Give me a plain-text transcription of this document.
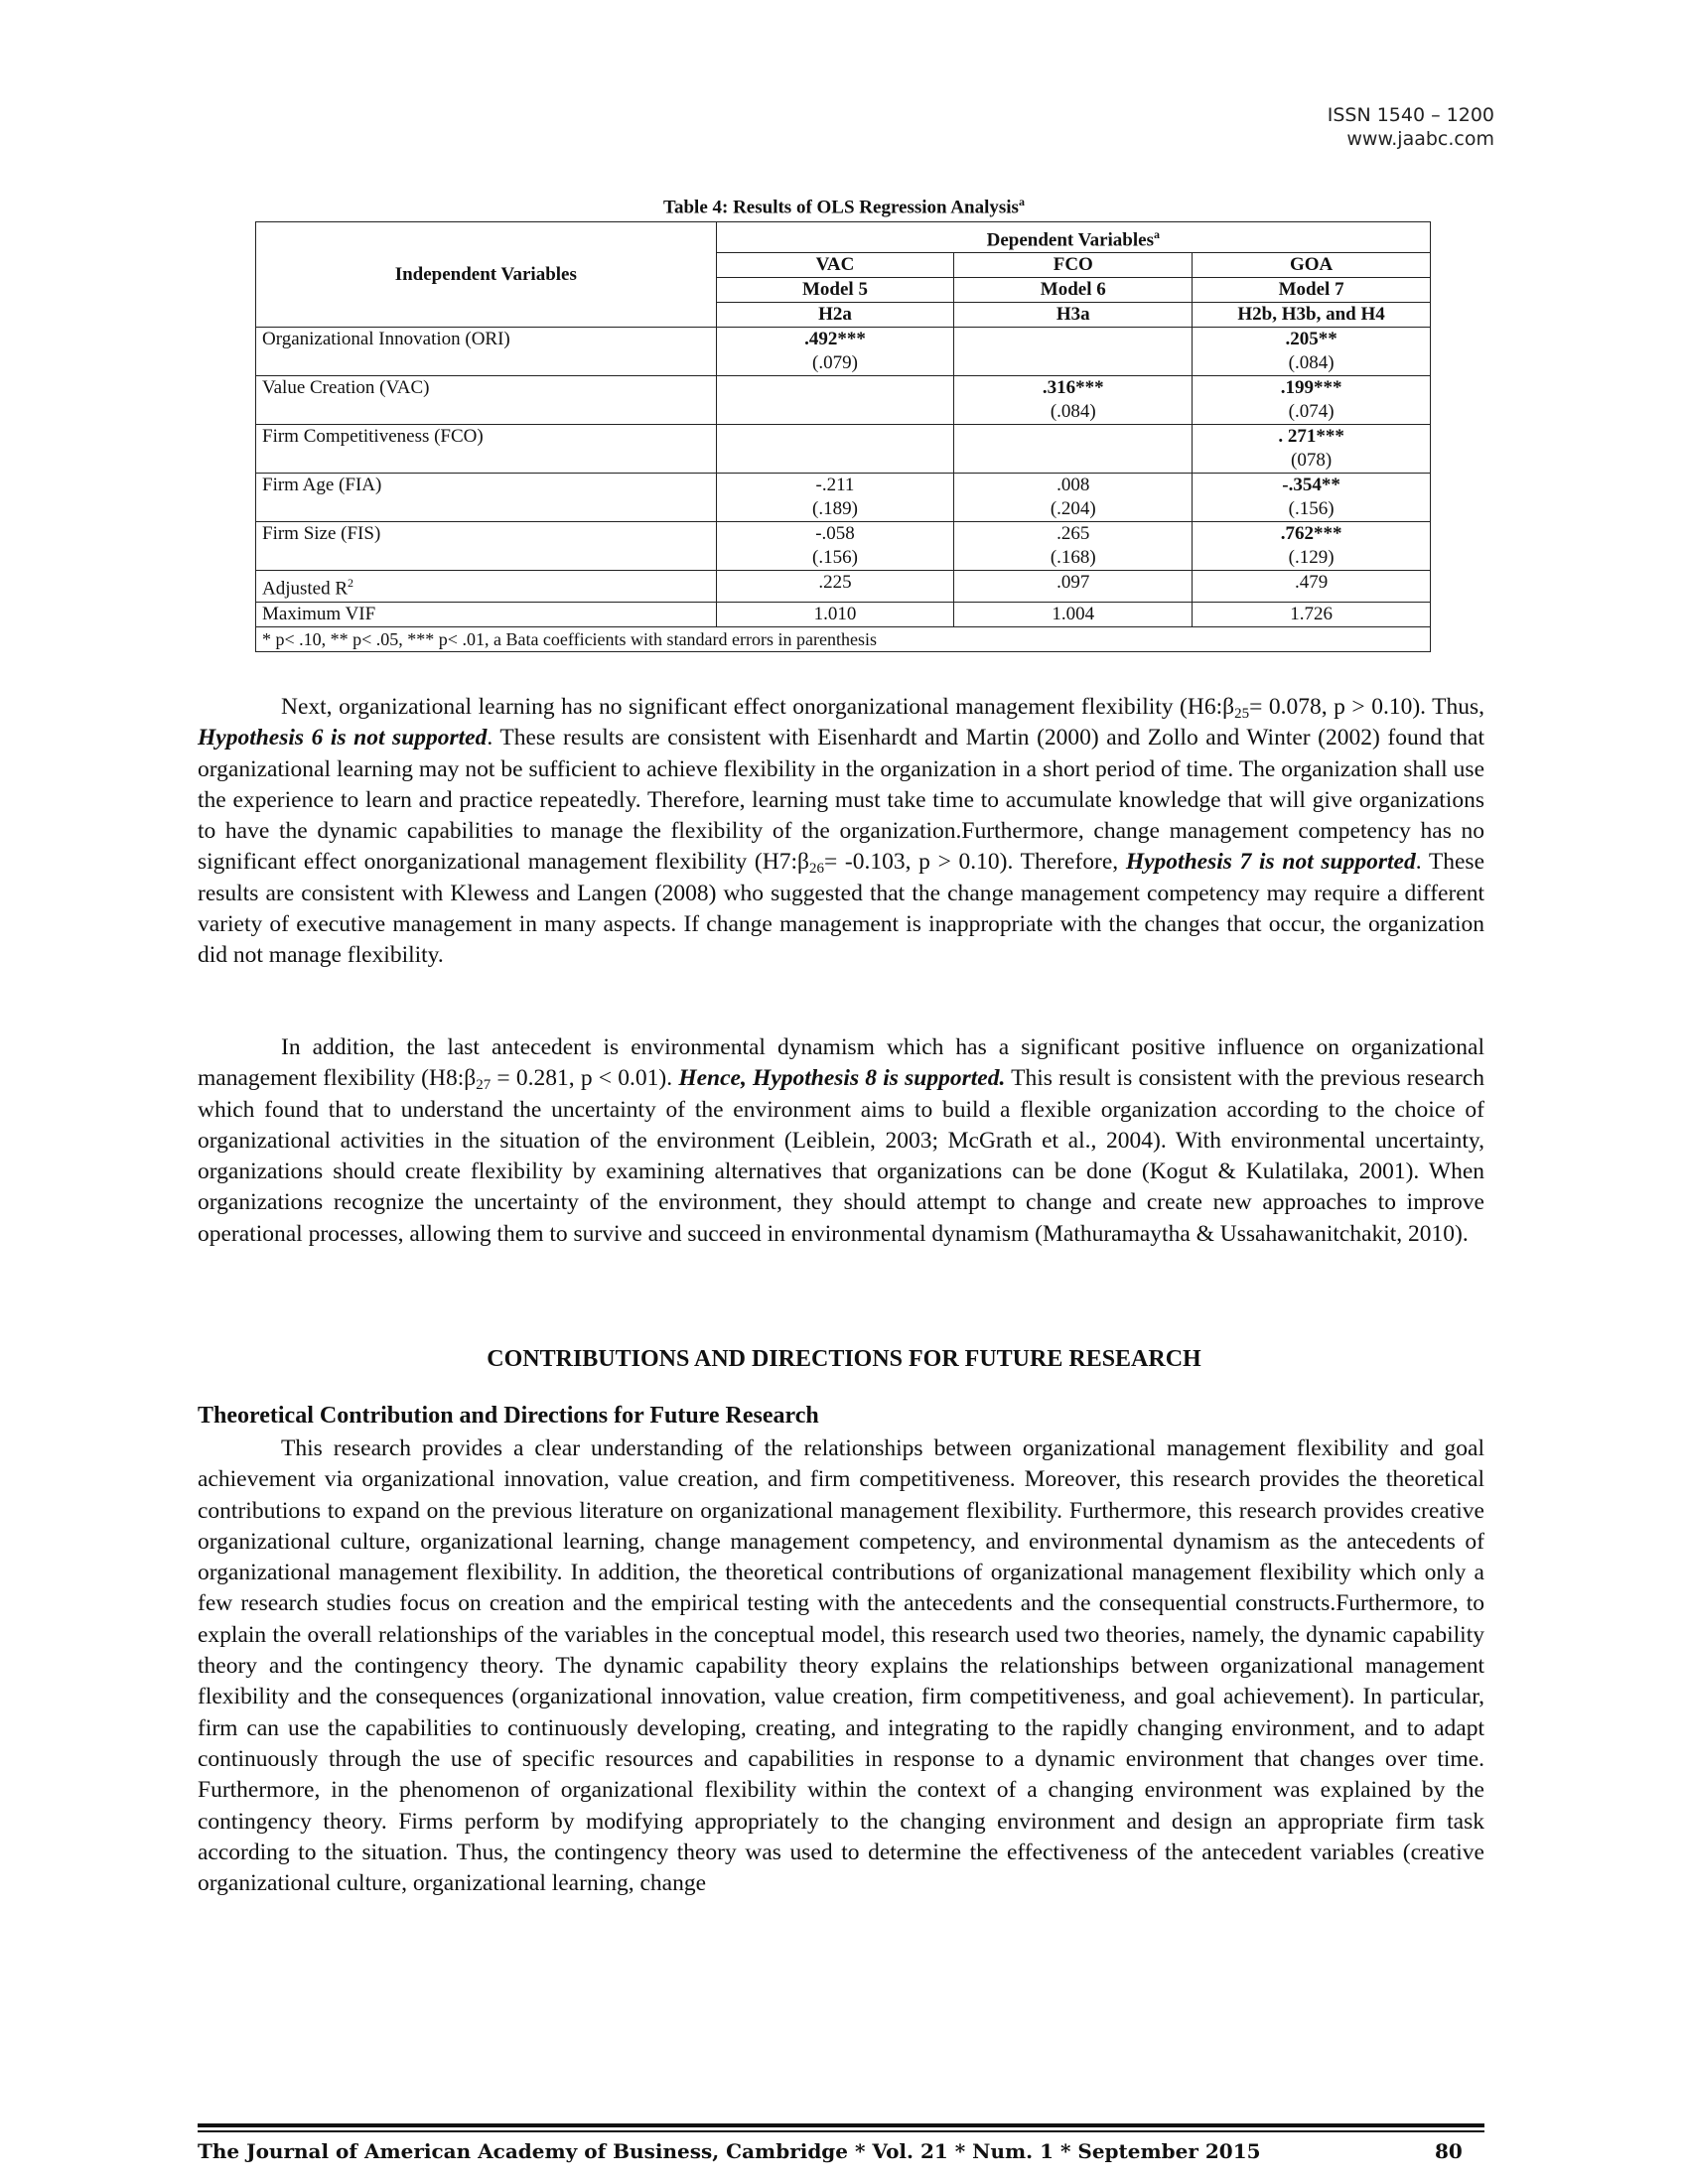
ISSN 1540 – 1200
www.jaabc.com
Table 4: Results of OLS Regression Analysis$^a$
Independent Variables	Dependent Variables$^a$
	VAC	FCO	GOA
	Model 5	Model 6	Model 7
	H2a	H3a	H2b, H3b, and H4
Organizational Innovation (ORI)	.492***		.205**
	(.079)		(.084)
Value Creation (VAC)		.316***	.199***
		(.084)	(.074)
Firm Competitiveness (FCO)			. 271***
			(078)
Firm Age (FIA)	-.211	.008	-.354**
	(.189)	(.204)	(.156)
Firm Size (FIS)	-.058	.265	.762***
	(.156)	(.168)	(.129)
Adjusted $R^2$	.225	.097	.479
Maximum VIF	1.010	1.004	1.726
* p< .10, ** p< .05, *** p< .01, a Bata coefficients with standard errors in parenthesis			

Next, organizational learning has no significant effect onorganizational management flexibility ($H6:\beta_{25}= 0.078$, p > 0.10). Thus, Hypothesis 6 is not supported. These results are consistent with Eisenhardt and Martin (2000) and Zollo and Winter (2002) found that organizational learning may not be sufficient to achieve flexibility in the organization in a short period of time. The organization shall use the experience to learn and practice repeatedly. Therefore, learning must take time to accumulate knowledge that will give organizations to have the dynamic capabilities to manage the flexibility of the organization.Furthermore, change management competency has no significant effect onorganizational management flexibility ($H7:\beta_{26}= -0.103$, p > 0.10). Therefore, Hypothesis 7 is not supported. These results are consistent with Klewess and Langen (2008) who suggested that the change management competency may require a different variety of executive management in many aspects. If change management is inappropriate with the changes that occur, the organization did not manage flexibility.

In addition, the last antecedent is environmental dynamism which has a significant positive influence on organizational management flexibility ($H8:\beta_{27} = 0.281$, p < 0.01). Hence, Hypothesis 8 is supported. This result is consistent with the previous research which found that to understand the uncertainty of the environment aims to build a flexible organization according to the choice of organizational activities in the situation of the environment (Leiblein, 2003; McGrath et al., 2004). With environmental uncertainty, organizations should create flexibility by examining alternatives that organizations can be done (Kogut & Kulatilaka, 2001). When organizations recognize the uncertainty of the environment, they should attempt to change and create new approaches to improve operational processes, allowing them to survive and succeed in environmental dynamism (Mathuramaytha & Ussahawanitchakit, 2010).

CONTRIBUTIONS AND DIRECTIONS FOR FUTURE RESEARCH
Theoretical Contribution and Directions for Future Research

This research provides a clear understanding of the relationships between organizational management flexibility and goal achievement via organizational innovation, value creation, and firm competitiveness. Moreover, this research provides the theoretical contributions to expand on the previous literature on organizational management flexibility. Furthermore, this research provides creative organizational culture, organizational learning, change management competency, and environmental dynamism as the antecedents of organizational management flexibility. In addition, the theoretical contributions of organizational management flexibility which only a few research studies focus on creation and the empirical testing with the antecedents and the consequential constructs.Furthermore, to explain the overall relationships of the variables in the conceptual model, this research used two theories, namely, the dynamic capability theory and the contingency theory. The dynamic capability theory explains the relationships between organizational management flexibility and the consequences (organizational innovation, value creation, firm competitiveness, and goal achievement). In particular, firm can use the capabilities to continuously developing, creating, and integrating to the rapidly changing environment, and to adapt continuously through the use of specific resources and capabilities in response to a dynamic environment that changes over time. Furthermore, in the phenomenon of organizational flexibility within the context of a changing environment was explained by the contingency theory. Firms perform by modifying appropriately to the changing environment and design an appropriate firm task according to the situation. Thus, the contingency theory was used to determine the effectiveness of the antecedent variables (creative organizational culture, organizational learning, change

The Journal of American Academy of Business, Cambridge * Vol. 21 * Num. 1 * September 2015	80
